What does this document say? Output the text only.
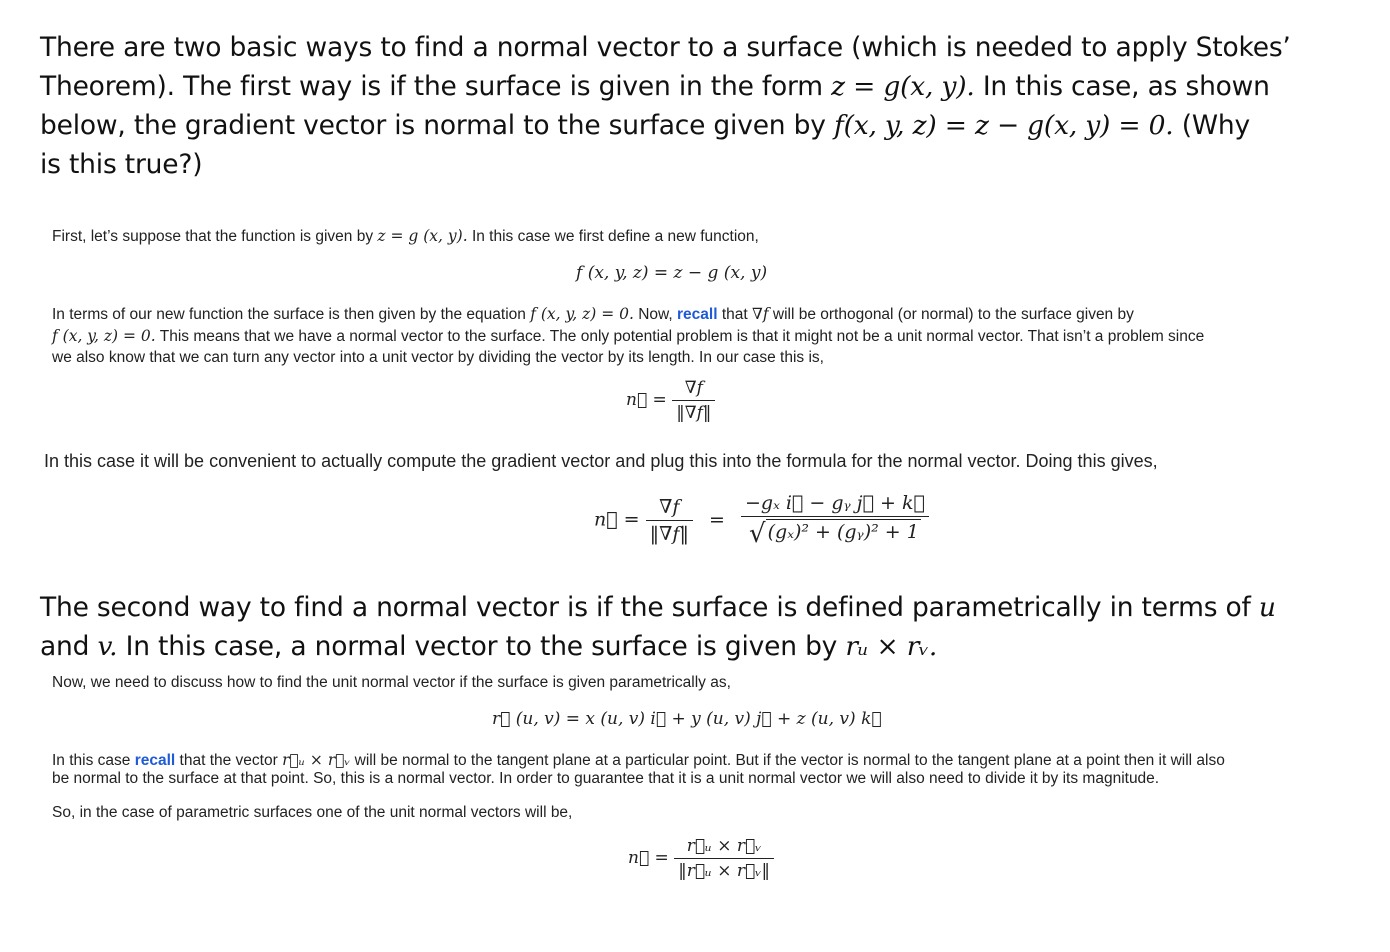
There are two basic ways to find a normal vector to a surface (which is needed to apply Stokes’
Theorem). The first way is if the surface is given in the form z = g(x, y). In this case, as shown
below, the gradient vector is normal to the surface given by f(x, y, z) = z − g(x, y) = 0. (Why
is this true?)
First, let’s suppose that the function is given by z = g (x, y). In this case we first define a new function,
f (x, y, z) = z − g (x, y)
In terms of our new function the surface is then given by the equation f (x, y, z) = 0. Now, recall that ∇f will be orthogonal (or normal) to the surface given by
f (x, y, z) = 0. This means that we have a normal vector to the surface. The only potential problem is that it might not be a unit normal vector. That isn’t a problem since
we also know that we can turn any vector into a unit vector by dividing the vector by its length. In our case this is,
n⃗ = $\frac{\nabla f}{‖\nabla f‖}$
In this case it will be convenient to actually compute the gradient vector and plug this into the formula for the normal vector. Doing this gives,
n⃗ = $\frac{\nabla f}{‖\nabla f‖} = \frac{\text{−gₓ i⃗ − gᵧ j⃗ + k⃗}}{\text{√ (gₓ)² + (gᵧ)² + 1}}$
The second way to find a normal vector is if the surface is defined parametrically in terms of u
and v. In this case, a normal vector to the surface is given by rᵤ × rᵥ.
Now, we need to discuss how to find the unit normal vector if the surface is given parametrically as,
r⃗ (u, v) = x (u, v) i⃗ + y (u, v) j⃗ + z (u, v) k⃗
In this case recall that the vector r⃗ᵤ × r⃗ᵥ will be normal to the tangent plane at a particular point. But if the vector is normal to the tangent plane at a point then it will also
be normal to the surface at that point. So, this is a normal vector. In order to guarantee that it is a unit normal vector we will also need to divide it by its magnitude.
So, in the case of parametric surfaces one of the unit normal vectors will be,
n⃗ = $\frac{\text{r⃗ᵤ × r⃗ᵥ}}{\text{‖r⃗ᵤ × r⃗ᵥ‖}}$
